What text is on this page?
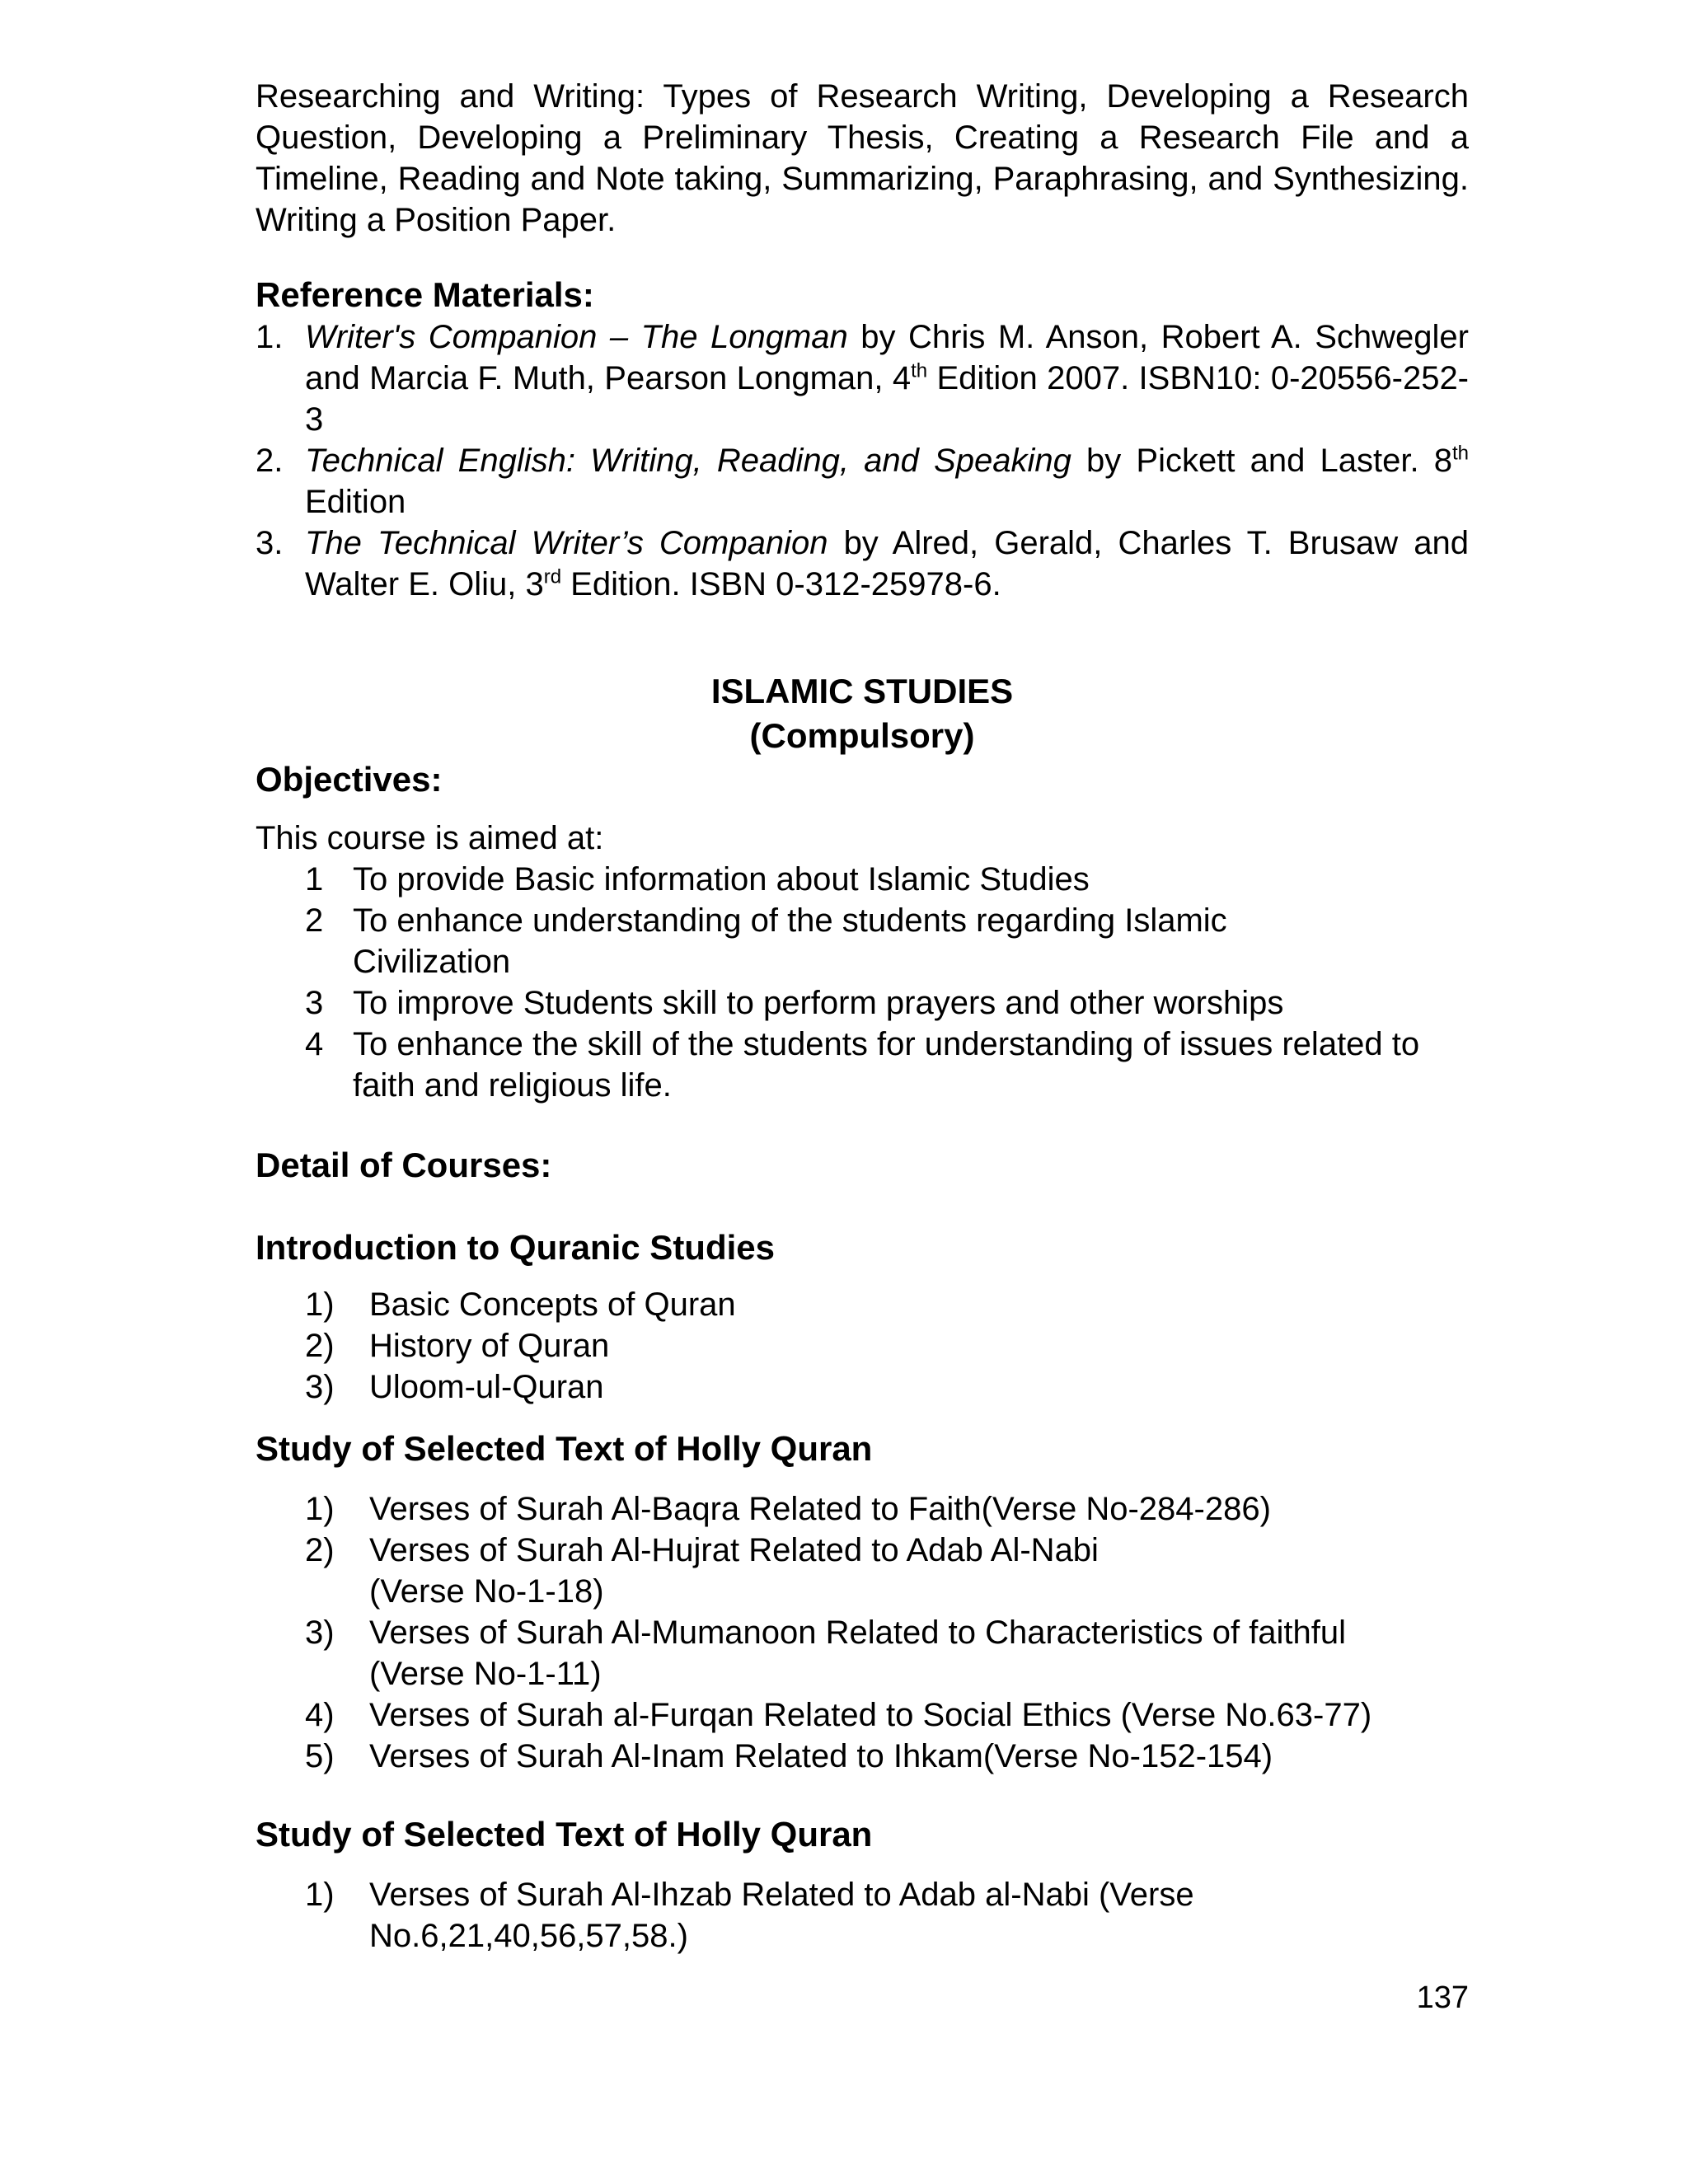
Researching and Writing: Types of Research Writing, Developing a Research Question, Developing a Preliminary Thesis, Creating a Research File and a Timeline, Reading and Note taking, Summarizing, Paraphrasing, and Synthesizing. Writing a Position Paper.
Reference Materials:
1. Writer's Companion – The Longman by Chris M. Anson, Robert A. Schwegler and Marcia F. Muth, Pearson Longman, 4th Edition 2007. ISBN10: 0-20556-252-3
2. Technical English: Writing, Reading, and Speaking by Pickett and Laster. 8th Edition
3. The Technical Writer’s Companion by Alred, Gerald, Charles T. Brusaw and Walter E. Oliu, 3rd Edition. ISBN 0-312-25978-6.
ISLAMIC STUDIES
(Compulsory)
Objectives:
This course is aimed at:
1 To provide Basic information about Islamic Studies
2 To enhance understanding of the students regarding Islamic Civilization
3 To improve Students skill to perform prayers and other worships
4 To enhance the skill of the students for understanding of issues related to faith and religious life.
Detail of Courses:
Introduction to Quranic Studies
1)	Basic Concepts of Quran
2)	History of Quran
3)	Uloom-ul-Quran
Study of Selected Text of Holly Quran
1)	Verses of Surah Al-Baqra Related to Faith(Verse No-284-286)
2)	Verses of Surah Al-Hujrat Related to Adab Al-Nabi
(Verse No-1-18)
3)	Verses of Surah Al-Mumanoon Related to Characteristics of faithful
(Verse No-1-11)
4)	Verses of Surah al-Furqan Related to Social Ethics (Verse No.63-77)
5)	Verses of Surah Al-Inam Related to Ihkam(Verse No-152-154)
Study of Selected Text of Holly Quran
1)	Verses of Surah Al-Ihzab Related to Adab al-Nabi (Verse
No.6,21,40,56,57,58.)
137
